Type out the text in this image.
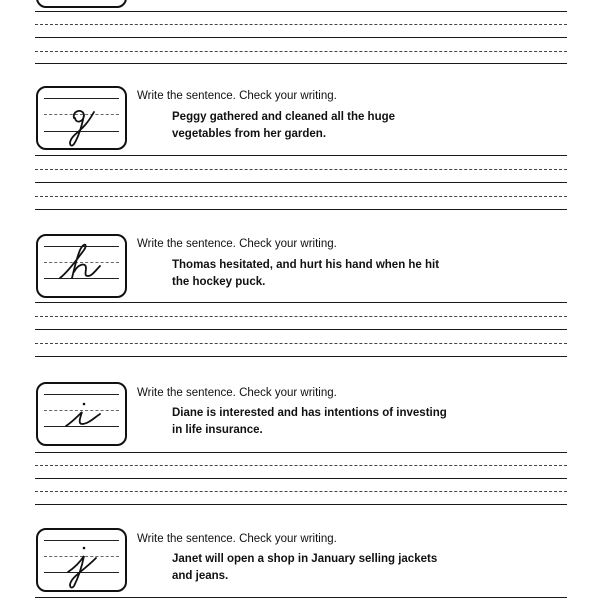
Write the sentence. Check your writing.
Peggy gathered and cleaned all the huge
vegetables from her garden.
Write the sentence. Check your writing.
Thomas hesitated, and hurt his hand when he hit
the hockey puck.
Write the sentence. Check your writing.
Diane is interested and has intentions of investing
in life insurance.
Write the sentence. Check your writing.
Janet will open a shop in January selling jackets
and jeans.
